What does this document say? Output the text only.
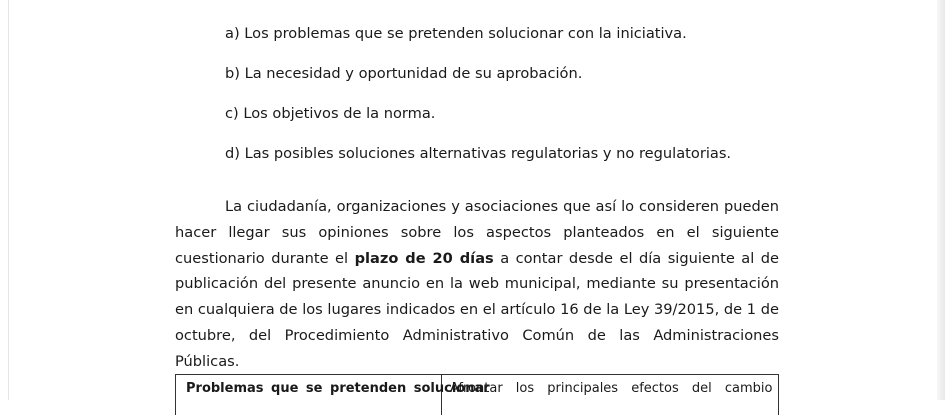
a) Los problemas que se pretenden solucionar con la iniciativa.
b) La necesidad y oportunidad de su aprobación.
c) Los objetivos de la norma.
d) Las posibles soluciones alternativas regulatorias y no regulatorias.
La ciudadanía, organizaciones y asociaciones que así lo consideren pueden hacer llegar sus opiniones sobre los aspectos planteados en el siguiente cuestionario durante el plazo de 20 días a contar desde el día siguiente al de publicación del presente anuncio en la web municipal, mediante su presentación en cualquiera de los lugares indicados en el artículo 16 de la Ley 39/2015, de 1 de octubre, del Procedimiento Administrativo Común de las Administraciones Públicas.
Problemas que se pretenden solucionar
Afrontar los principales efectos del cambio
